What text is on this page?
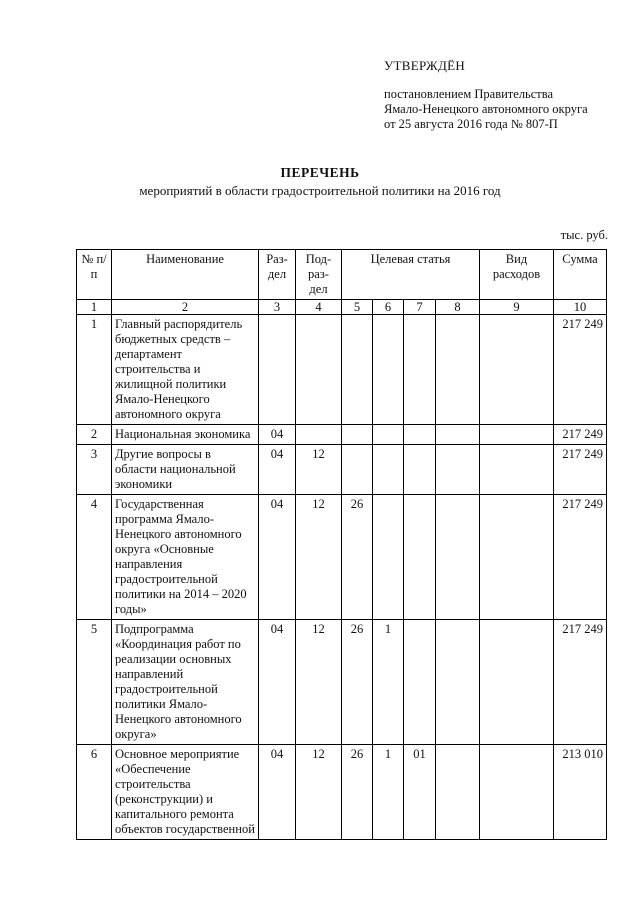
УТВЕРЖДЁН
постановлением Правительства
Ямало-Ненецкого автономного округа
от 25 августа 2016 года № 807-П
ПЕРЕЧЕНЬ
мероприятий в области градостроительной политики на 2016 год
тыс. руб.
№ п/п	Наименование	Раз-дел	Под-раз-дел	Целевая статья				Вид расходов	Сумма
1	2	3	4	5	6	7	8	9	10
1	Главный распорядитель бюджетных средств – департамент строительства и жилищной политики Ямало-Ненецкого автономного округа								217 249
2	Национальная экономика	04							217 249
3	Другие вопросы в области национальной экономики	04	12						217 249
4	Государственная программа Ямало-Ненецкого автономного округа «Основные направления градостроительной политики на 2014 – 2020 годы»	04	12	26					217 249
5	Подпрограмма «Координация работ по реализации основных направлений градостроительной политики Ямало-Ненецкого автономного округа»	04	12	26	1				217 249
6	Основное мероприятие «Обеспечение строительства (реконструкции) и капитального ремонта объектов государственной	04	12	26	1	01			213 010
